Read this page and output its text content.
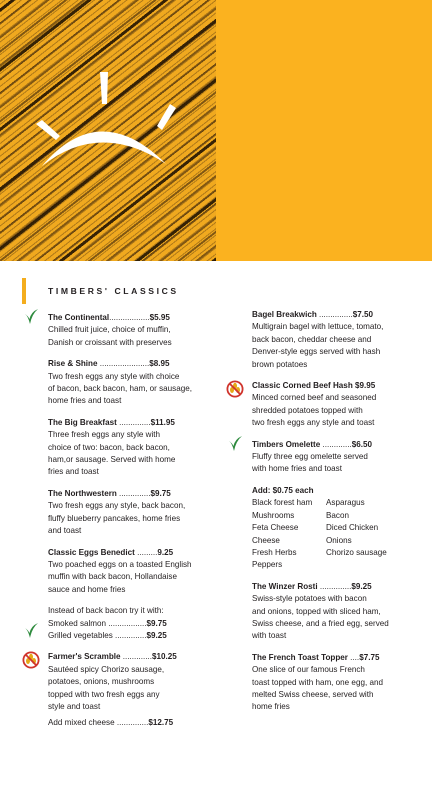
TIMBERS' CLASSICS
The Continental..................$5.95
Chilled fruit juice, choice of muffin,
Danish or croissant with preserves
Rise & Shine ......................$8.95
Two fresh eggs any style with choice
of bacon, back bacon, ham, or sausage,
home fries and toast
The Big Breakfast ..............$11.95
Three fresh eggs any style with
choice of two: bacon, back bacon,
ham,or sausage. Served with home
fries and toast
The Northwestern ..............$9.75
Two fresh eggs any style, back bacon,
fluffy blueberry pancakes, home fries
and toast
Classic Eggs Benedict .........9.25
Two poached eggs on a toasted English
muffin with back bacon, Hollandaise
sauce and home fries
Instead of back bacon try it with:
Smoked salmon .................$9.75
Grilled vegetables ..............$9.25
Farmer's Scramble .............$10.25
Sautéed spicy Chorizo sausage,
potatoes, onions, mushrooms
topped with two fresh eggs any
style and toast
Add mixed cheese ..............$12.75
Bagel Breakwich ...............$7.50
Multigrain bagel with lettuce, tomato,
back bacon, cheddar cheese and
Denver-style eggs served with hash
brown potatoes
Classic Corned Beef Hash $9.95
Minced corned beef and seasoned
shredded potatoes topped with
two fresh eggs any style and toast
Timbers Omelette .............$6.50
Fluffy three egg omelette served
with home fries and toast
Add: $0.75 each
Black forest ham
Mushrooms
Feta Cheese
Cheese
Fresh Herbs
Peppers
Asparagus
Bacon
Diced Chicken
Onions
Chorizo sausage
The Winzer Rosti ..............$9.25
Swiss-style potatoes with bacon
and onions, topped with sliced ham,
Swiss cheese, and a fried egg, served
with toast
The French Toast Topper ....$7.75
One slice of our famous French
toast topped with ham, one egg, and
melted Swiss cheese, served with
home fries
